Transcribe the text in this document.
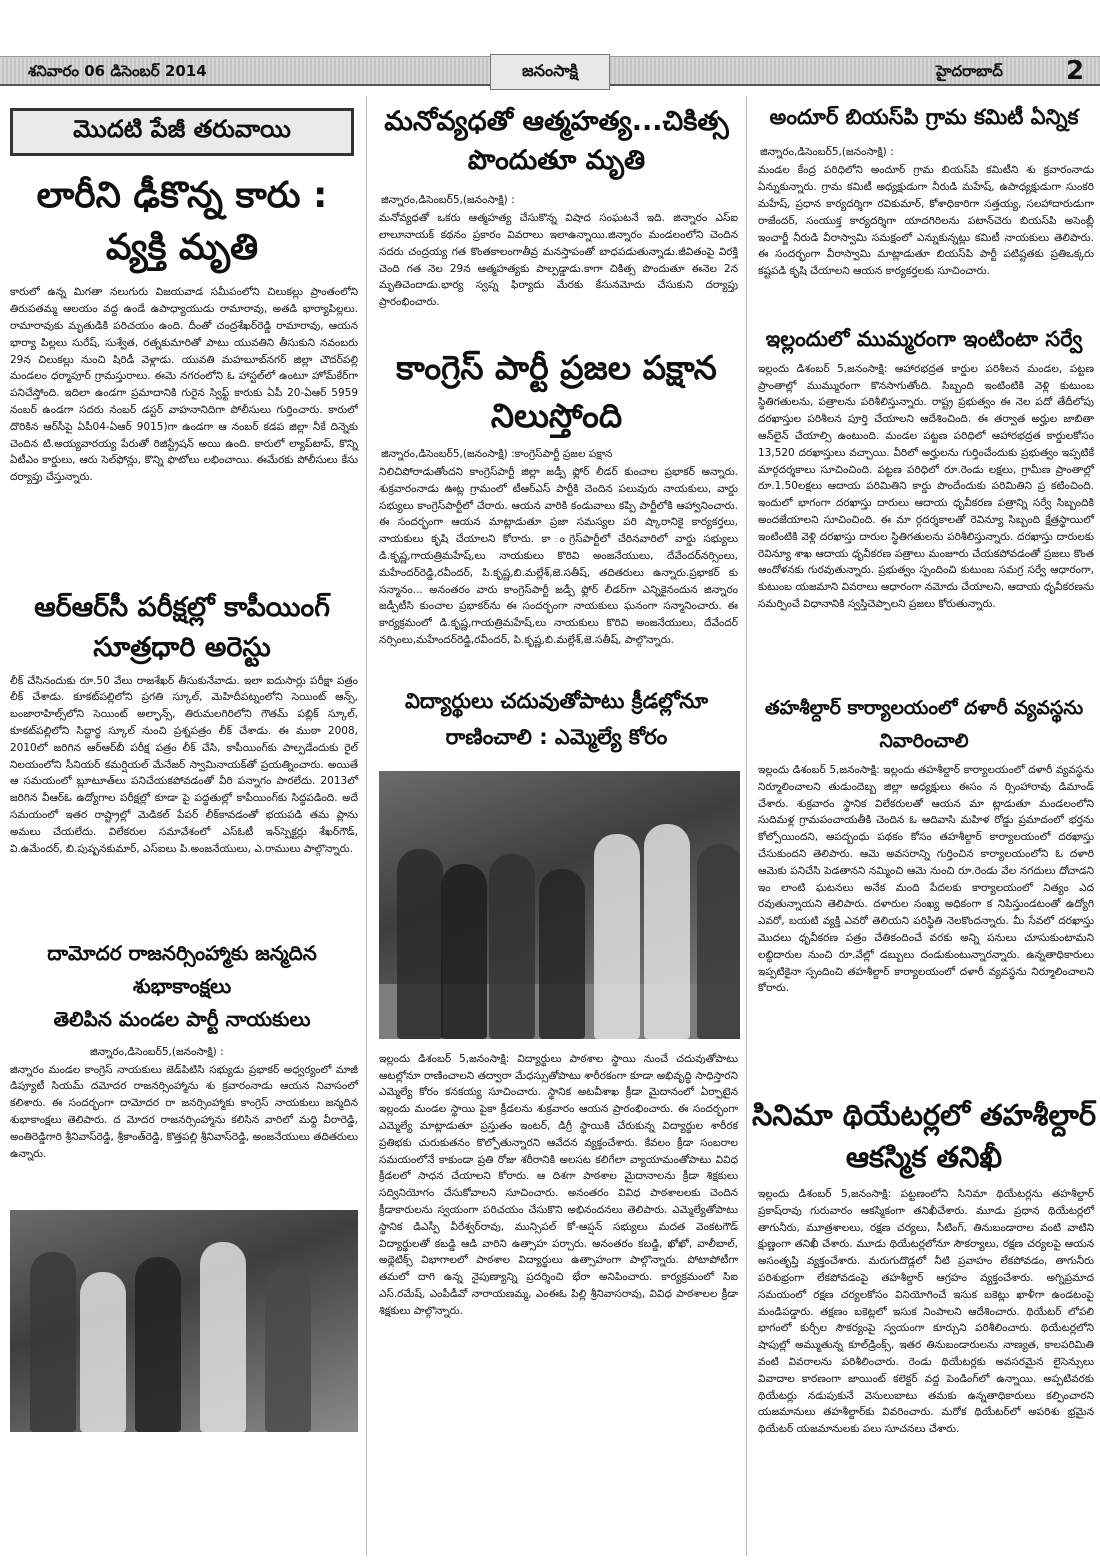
శనివారం 06 డిసెంబర్ 2014	జనంసాక్షి	హైదరాబాద్	2
మొదటి పేజీ తరువాయి
లారీని ఢీకొన్న కారు :
వ్యక్తి మృతి

కారులో ఉన్న మిగతా నలుగురు విజయవాడ సమీపంలోని చిలుకల్లు ప్రాంతంలోని తిరుపతమ్మ ఆలయం వద్ద ఉండే ఉపాధ్యాయుడు రామారావు, అతడి భార్యాపిల్లలు. రామారావుకు మృతుడికి పరిచయం ఉంది. దీంతో చంద్రశేఖర్‌రెడ్డి రామారావు, ఆయన భార్యా పిల్లలు సురేష్, సుశ్వేత, రత్నకుమారితో పాటు యువతిని తీసుకుని నవంబరు 29న చిలుకల్లు నుంచి షిరిడీ వెళ్లాడు. యువతి మహబూబ్‌నగర్ జిల్లా చౌదర్‌పల్లి మండలం ధర్మాపూర్ గ్రామస్తురాలు. ఈమె నగరంలోని ఓ హాస్టల్‌లో ఉంటూ హోమ్‌కేర్‌గా పనిచేస్తోంది. ఇదిలా ఉండగా ప్రమాదానికి గురైన స్విఫ్ట్ కారుకు ఏపీ 20-ఏఆర్ 5959 నంబర్ ఉండగా సదరు నంబర్ డస్టర్ వాహనానిదిగా పోలీసులు గుర్తించారు. కారులో దొరికిన ఆర్‌సీపై ఏపీ04-ఏఆర్ 9015)గా ఉండగా ఆ నంబర్ కడప జిల్లా నీకే దిన్నెకు చెందిన టి.అయ్యవారయ్య పేరుతో రిజిస్ట్రేషన్ అయి ఉంది. కారులో ల్యాప్‌టాప్, కొన్ని ఏటీఎం కార్డులు, ఆరు సెల్‌ఫోన్లు, కొన్ని ఫొటోలు లభించాయి. ఈమేరకు పోలీసులు కేసు దర్యాప్తు చేస్తున్నారు.

ఆర్ఆర్‌సీ పరీక్షల్లో కాపీయింగ్
సూత్రధారి అరెస్టు

లీక్ చేసినందుకు రూ.50 వేలు రాజశేఖర్ తీసుకునేవాడు. ఇలా ఐదుసార్లు పరీక్షా పత్రం లీక్ చేశాడు. కూకట్‌పల్లిలోని ప్రగతి స్కూల్, మెహిదీపట్నంలోని సెయింట్ ఆన్స్, బంజారాహిల్స్‌లోని సెయింట్ అల్ఫాన్స్, తిరుమలగిరిలోని గౌతమ్ పబ్లిక్ స్కూల్, కూకట్‌పల్లిలోని సిద్ధార్థ స్కూల్ నుంచి ప్రశ్నపత్రం లీక్ చేశాడు. ఈ ముఠా 2008, 2010లో జరిగిన ఆర్ఆర్‌బీ పరీక్ష పత్రం లీక్ చేసి, కాపీయింగ్‌కు పాల్పడేందుకు రైల్ నిలయంలోని సీనియర్ కమర్షియల్ మేనేజర్ స్వామినాయక్‌తో ప్రయత్నించారు. అయితే ఆ సమయంలో బ్లూటూత్‌లు పనిచేయకపోవడంతో వీరి పన్నాగం పారలేదు. 2013లో జరిగిన వీఆర్ఓ ఉద్యోగాల పరీక్షల్లో కూడా పై పద్ధతుల్లో కాపీయింగ్‌కు సిద్ధపడింది. అదే సమయంలో ఇతర రాష్ట్రాల్లో మెడికల్ పేపర్ లీక్‌కావడంతో భయపడి తమ ప్లాను అమలు చేయలేదు. విలేకరుల సమావేశంలో ఎస్‌ఓటీ ఇన్‌స్పెక్టర్లు శేఖర్‌గౌడ్, వి.ఉమేందర్, బి.పుష్పనకుమార్, ఎస్‌ఐలు పి.అంజనేయులు, ఎ.రాములు పాల్గొన్నారు.

దామోదర రాజనర్సింహ్మాకు జన్మదిన
శుభాకాంక్షలు
తెలిపిన మండల పార్టీ నాయకులు
జిన్నారం,డిసెంబర్5,(జనంసాక్షి) :

జిన్నారం మండల కాంగ్రెస్ నాయకులు జెడ్‌పిటిసి సభ్యుడు ప్రభాకర్ అధ్వర్యంలో మాజీ డిప్యూటీ సియమ్ దమోదర రాజనర్సింహ్మాను శు క్రవారంనాడు ఆయన నివాసంలో కలిశారు. ఈ సందర్భంగా దామోదర రా జనర్సింహ్మాకు కాంగ్రెస్ నాయకులు జన్మదిన శుభాకాంక్షలు తెలిపారు. ద మోదర రాజనర్సింహ్మాను కలిసిన వారిలో మధ్ది వీరారెడ్డి, అంతిరెడ్డిగారి శ్రీనివాస్‌రెడ్డి, శ్రీకాంత్‌రెడ్డి, కొత్తపల్లి శ్రీనివాస్‌రెడ్డి, అంజనేయులు తదితరులు ఉన్నారు.

మనోవ్యధతో ఆత్మహత్య...చికిత్స
పొందుతూ మృతి
జిన్నారం,డిసెంబర్5,(జనంసాక్షి) :

మనోవ్యధతో ఒకరు ఆత్మహత్య చేసుకొన్న విషాద సంఘటనే ఇది. జిన్నారం ఎస్ఐ లాలూనాయక్ కథనం ప్రకారం వివరాలు ఇలాఉన్నాయి.జిన్నారం మండలంలోని చెందిన సదరు చంద్రయ్య గత కొంతకాలంగాతీవ్ర మనస్తాపంతో బాధపడుతున్నాడు.జీవితంపై విరక్తి చెంది గత నెల 29న ఆత్మహత్యకు పాల్పడ్డాడు.కాగా చికిత్స పొందుతూ ఈనెల 2న మృతిచెందాడు.భార్య స్వప్న ఫిర్యాదు మేరకు కేసునమోదు చేసుకుని దర్యాప్తు ప్రారంభించారు.

కాంగ్రెస్ పార్టీ ప్రజల పక్షాన
నిలుస్తోంది
జిన్నారం,డిసెంబర్5,(జనంసాక్షి) :కాంగ్రెస్‌పార్టీ ప్రజల పక్షాన

నిలిచిపోరాడుతోందని కాంగ్రెస్‌పార్టీ జిల్లా జడ్పీ ఫ్లోర్ లీడర్ కుంచాల ప్రభాకర్ అన్నారు. శుక్రవారంనాడు ఊట్ల గ్రామంలో టీఆర్ఎస్ పార్టీకి చెందిన పలువురు నాయకులు, వార్డు సభ్యులు కాంగ్రెస్‌పార్టీలో చేరారు. ఆయన వారికి కండువాలు కప్పి పార్టీలోకి ఆహ్వానించారు. ఈ సందర్భంగా ఆయన మాట్లాడుతూ ప్రజా సమస్యల పరి ష్కారానికై కార్యకర్తలు, నాయకులు కృషి చేయాలని కోరారు. కా ంగ్రెస్‌పార్టీలో చేరినవారిలో వార్డు సభ్యులు డి.కృష్ణ,గాయత్రిమహేష్,లు నాయకులు కొరివి అంజనేయులు, దేవేందర్‌నర్సింలు, మహేందర్‌రెడ్డి,రవీందర్, పి.కృష్ణ,బి.మల్లేశ్,జె.సతీష్, తదితరులు ఉన్నారు.ప్రభాకర్ కు సన్మానం... అనంతరం వారు కాంగ్రెస్‌పార్టీ జడ్పీ ఫ్లోర్ లీడర్‌గా ఎన్నికైనందున జిన్నారం జడ్పీటీసి కుంచాల ప్రభాకర్‌ను ఈ సందర్భంగా నాయకులు ఘనంగా సన్మానించారు. ఈ కార్యక్రమంలో డి.కృష్ణ,గాయత్రిమహేష్,లు నాయకులు కొరివి అంజనేయులు, దేవేందర్ నర్సింలు,మహేందర్‌రెడ్డి,రవీందర్, పి.కృష్ణ,బి.మల్లేశ్,జె.సతీష్, పాల్గొన్నారు.

విద్యార్థులు చదువుతోపాటు క్రీడల్లోనూ
రాణించాలి : ఎమ్మెల్యే కోరం

ఇల్లందు డిశంబర్ 5,జనంసాక్షి: విద్యార్థులు పాఠశాల స్థాయి నుంచే చదువుతోపాటు ఆటల్లోనూ రాణించాలని తద్వారా మేధస్సుతోపాటు శారీరకంగా కూడా అభివృద్ధి సాధిస్తారని ఎమ్మెల్యే కోరం కనకయ్య సూచించారు. స్థానిక అటవీశాఖ క్రీడా మైదానంలో ఏర్పాటైన ఇల్లందు మండల స్థాయి పైకా క్రీడలను శుక్రవారం ఆయన ప్రారంభించారు. ఈ సందర్భంగా ఎమ్మెల్యే మాట్లాడుతూ ప్రస్తుతం ఇంటర్, డిగ్రీ స్థాయికి చేరుకున్న విద్యార్థుల శారీరక ప్రతిభకు చురుకుతనం కొల్పోతున్నారని ఆవేదన వ్యక్తంచేశారు. కేవలం క్రీడా సంబరాల సమయంలోనే కాకుండా ప్రతి రోజు శరీరానికి అలసట కలిగేలా వ్యాయామంతోపాటు వివిధ క్రీడలలో సాధన చేయాలని కోరారు. ఆ దిశగా పాఠశాల మైదానాలను క్రీడా శిక్షకులు సద్వినియోగం చేసుకోవాలని సూచించారు. అనంతరం వివిధ పాఠశాలలకు చెందిన క్రీడాకారులను స్వయంగా పరిచయం చేసుకొని అభినందనలు తెలిపారు. ఎమ్మెల్యేతోపాటు స్థానిక డిఎస్పీ వీరేశ్వర్‌రావు, మున్సిపల్ కో-ఆప్షన్ సభ్యులు మదత వెంకటగౌడ్ విద్యార్థులతో కబడ్డి ఆడి వారిని ఉత్సాహ పర్చారు. అనంతరం కబడ్డి, ఖోఖో, వాలీబాల్, అథ్లెటిక్స్ విభాగాలలో పాఠశాల విద్యార్థులు ఉత్సాహంగా పాల్గొన్నారు. పోటాపోటీగా తమలో దాగి ఉన్న నైపుణ్యాన్ని ప్రదర్శించి భేరా అనిపించారు. కార్యక్రమంలో సిఐ ఎస్.రమేష్, ఎంపీడీవో నారాయణమ్మ, ఎంఈఓ పిల్లి శ్రీనివాసరావు, వివిధ పాఠశాలల క్రీడా శిక్షకులు పాల్గొన్నారు.

అందూర్ బియస్‌పి గ్రామ కమిటీ ఏన్నిక
జిన్నారం,డిసెంబర్5,(జనంసాక్షి) :

మండల కేంద్ర పరిధిలోని అందూర్ గ్రామ బియస్‌పి కమిటీని శు క్రవారంనాడు ఏన్నుకున్నారు. గ్రామ కమిటీ అధ్యక్షుడుగా నీరుడి మహేష్, ఉపాధ్యక్షుడుగా సుంకరి మహేష్, ప్రధాన కార్యదర్శిగా రవికుమార్, కోశాధికారిగా సత్తయ్య, సలహాదారుడుగా రాజేందర్, సంయుక్త కార్యదర్శిగా యాదగిరిలను పటాన్‌చెరు బియస్‌పి అసెంబ్లీ ఇంచార్జీ నీరుడి వీరాస్వామి సమక్షంలో ఎన్నుకున్నట్లు కమిటీ నాయకులు తెలిపారు. ఈ సందర్భంగా వీరాస్వామి మాట్లాడుతూ బియస్‌పి పార్టీ పటిష్టతకు ప్రతిఒక్కరు కష్టపడి కృషి చేయాలని ఆయన కార్యకర్తలకు సూచించారు.

ఇల్లందులో ముమ్మరంగా ఇంటింటా సర్వే

ఇల్లందు డిశంబర్ 5,జనంసాక్షి: ఆహారభద్రత కార్డుల పరిశీలన మండల, పట్టణ ప్రాంతాల్లో ముమ్మురంగా కొనసాగుతోంది. సిబ్బంది ఇంటింటికి వెళ్లి కుటుంబ స్థితిగతులను, పత్రాలను పరిశీలిస్తున్నారు. రాష్ట్ర ప్రభుత్వం ఈ నెల పదో తేదీలోపు దరఖాస్తుల పరిశీలన పూర్తి చేయాలని ఆదేశించింది. ఈ తర్వాత అర్హుల జాబితా ఆన్‌లైన్ చేయాల్సి ఉంటుంది. మండల పట్టణ పరిధిలో ఆహారభద్రత కార్డులకోసం 13,520 దరఖాస్తులు వచ్చాయి. వీరిలో అర్హులను గుర్తించేందుకు ప్రభుత్వం ఇప్పటికే మార్గదర్శకాలు సూచించింది. పట్టణ పరిధిలో రూ.రెండు లక్షలు, గ్రామీణ ప్రాంతాల్లో రూ.1.50లక్షలు ఆదాయ పరిమితిని కార్డు పొందేందుకు పరిమితిని ప్ర కటించింది. ఇందులో భాగంగా దరఖాస్తు దారులు ఆదాయ ధృవీకరణ పత్రాన్ని సర్వే సిబ్బందికి అందజేయాలని సూచించింది. ఈ మా ర్గదర్శకాలతో రెవిన్యూ సిబ్బంది క్షేత్రస్థాయిలో ఇంటింటికి వెళ్లి దరఖాస్తు దారుల స్థితిగతులను పరిశీలిస్తున్నారు. దరఖాస్తు దారులకు రెవిన్యూ శాఖ ఆదాయ ధృవీకరణ పత్రాలు మంజూరు చేయకపోవడంతో ప్రజలు కొంత ఆందోళనకు గురవుతున్నారు. ప్రభుత్వం స్పందించి కుటుంబ సమగ్ర సర్వే ఆధారంగా, కుటుంబ యజమాని వివరాలు ఆధారంగా నమోదు చేయాలని, ఆదాయ ధృవీకరణను సమర్పించే విధానానికి స్వస్తిచెప్పాలని ప్రజలు కోరుతున్నారు.

తహశీల్దార్ కార్యాలయంలో దళారీ వ్యవస్థను
నివారించాలి

ఇల్లందు డిశంబర్ 5,జనంసాక్షి: ఇల్లందు తహశీల్దార్ కార్యాలయంలో దళారీ వ్యవస్థను నిర్మూలించాలని తుడుందెబ్బ జిల్లా అధ్యక్షులు ఈసం న ర్సింహారావు డిమాండ్ చేశారు. శుక్రవారం స్థానిక విలేకరులతో ఆయన మా ట్లాడుతూ మండలంలోని సుదిమళ్ల గ్రామపంచాయతీకి చెందిన ఓ ఆదివాసి మహిళ రోడ్డు ప్రమాదంలో భర్తను కోల్పోయిందని, ఆపద్బంధు పథకం కోసం తహశీల్దార్ కార్యాలయంలో దరఖాస్తు చేసుకుందని తెలిపారు. ఆమె అవసరాన్ని గుర్తించిన కార్యాలయంలోని ఓ దళారి ఆమెకు పనిచేసి పెడతానని నమ్మించి ఆమె నుంచి రూ.రెండు వేల నగదులు దోచాడని ఇం లాంటి ఘటనలు అనేక మంది పేదలకు కార్యాలయంలో నిత్యం ఎద రవుతున్నాయని తెలిపారు. దళారుల సంఖ్య అధికంగా క నిపిస్తుండటంతో ఉద్యోగి ఎవరో, బయటి వ్యక్తి ఎవరో తెలియని పరిస్థితి నెలకొందన్నారు. మీ సేవలో దరఖాస్తు మొదలు ధృవీకరణ పత్రం చేతికందించే వరకు అన్ని పనులు చూసుకుంటామని లబ్ధిదారుల నుంచి రూ.వేల్లో డబ్బులు దండుకుంటున్నారన్నారు. ఉన్నతాధికారులు ఇప్పటికైనా స్పందించి తహశీల్దార్ కార్యాలయంలో దళారీ వ్యవస్థను నిర్మూలించాలని కోరారు.

సినిమా థియేటర్లలో తహశీల్దార్
ఆకస్మిక తనిఖీ

ఇల్లందు డిశంబర్ 5,జనంసాక్షి: పట్టణంలోని సినిమా థియేటర్లను తహశీల్దార్ ప్రకాష్‌రావు గురువారం ఆకస్మికంగా తనిఖీచేశారు. మూడు ప్రధాన థియేటర్లలో తాగునీరు, మూత్రశాలలు, రక్షణ చర్యలు, సీటింగ్, తినుబండారాల వంటి వాటిని క్షుణ్ణంగా తనిఖీ చేశారు. మూడు థియేటర్లలోనూ సౌకర్యాలు, రక్షణ చర్యలపై ఆయన అసంతృప్తి వ్యక్తంచేశారు. మరుగుదొడ్లలో నీటి ప్రవాహం లేకపోవడం, తాగునీరు పరిశుభ్రంగా లేకపోవడంపై తహశీల్దార్ ఆగ్రహం వ్యక్తంచేశారు. అగ్నిప్రమాద సమయంలో రక్షణ చర్యలకోసం వినియోగించే ఇసుక బకెట్లు ఖాళీగా ఉండటంపై మండిపడ్డారు. తక్షణం బకెట్లలో ఇసుక నింపాలని ఆదేశించారు. థియేటర్ లోపలి భాగంలో కుర్చీల సౌకర్యంపై స్వయంగా కూర్చుని పరిశీలించారు. థియేటర్లలోని షాపుల్లో అమ్ముతున్న కూల్‌డ్రింక్స్, ఇతర తినుబండారులను నాణ్యత, కాలపరిమితి వంటి వివరాలను పరిశీలించారు. రెండు థియేటర్లకు అవసరమైన లైసెన్సులు వివాదాల కారణంగా జాయింట్ కలెక్టర్ వద్ద పెండింగ్‌లో ఉన్నాయి. అప్పటివరకు థియేటర్లు నడుపుకునే వెసులుబాటు తమకు ఉన్నతాధికారులు కల్పించారని యజమానులు తహశీల్దార్‌కు వివరించారు. మరోక థియేటర్‌లో అపరిశు భ్రమైన థియేటర్ యజమానులకు పలు సూచనలు చేశారు.
